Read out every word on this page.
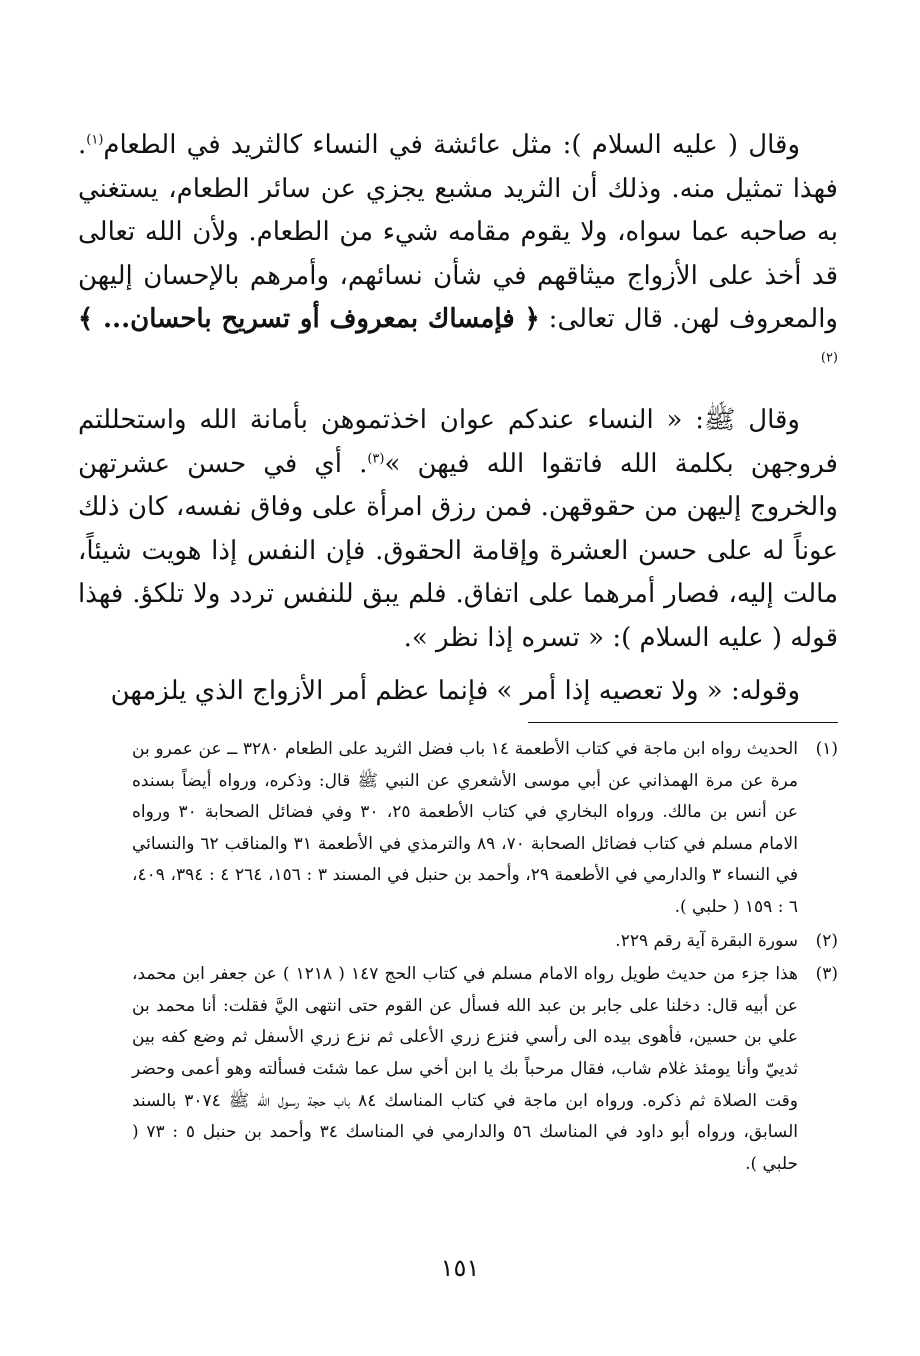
وقال ( عليه السلام ): مثل عائشة في النساء كالثريد في الطعام$^{(١)}$. فهذا تمثيل منه. وذلك أن الثريد مشبع يجزي عن سائر الطعام، يستغني به صاحبه عما سواه، ولا يقوم مقامه شيء من الطعام. ولأن الله تعالى قد أخذ على الأزواج ميثاقهم في شأن نسائهم، وأمرهم بالإحسان إليهن والمعروف لهن. قال تعالى: ﴿ فإمساك بمعروف أو تسريح باحسان... ﴾$^{(٢)}$

وقال ﷺ: « النساء عندكم عوان اخذتموهن بأمانة الله واستحللتم فروجهن بكلمة الله فاتقوا الله فيهن »$^{(٣)}$. أي في حسن عشرتهن والخروج إليهن من حقوقهن. فمن رزق امرأة على وفاق نفسه، كان ذلك عوناً له على حسن العشرة وإقامة الحقوق. فإن النفس إذا هويت شيئاً، مالت إليه، فصار أمرهما على اتفاق. فلم يبق للنفس تردد ولا تلكؤ. فهذا قوله ( عليه السلام ): « تسره إذا نظر ».

وقوله: « ولا تعصيه إذا أمر » فإنما عظم أمر الأزواج الذي يلزمهن

(١)
الحديث رواه ابن ماجة في كتاب الأطعمة ١٤ باب فضل الثريد على الطعام ٣٢٨٠ ــ عن عمرو بن مرة عن مرة الهمذاني عن أبي موسى الأشعري عن النبي ﷺ قال: وذكره، ورواه أيضاً بسنده عن أنس بن مالك. ورواه البخاري في كتاب الأطعمة ٢٥، ٣٠ وفي فضائل الصحابة ٣٠ ورواه الامام مسلم في كتاب فضائل الصحابة ٧٠، ٨٩ والترمذي في الأطعمة ٣١ والمناقب ٦٢ والنسائي في النساء ٣ والدارمي في الأطعمة ٢٩، وأحمد بن حنبل في المسند ٣ : ١٥٦، ٢٦٤ ٤ : ٣٩٤، ٤٠٩، ٦ : ١٥٩ ( حلبي ).
(٢)
سورة البقرة آية رقم ٢٢٩.
(٣)
هذا جزء من حديث طويل رواه الامام مسلم في كتاب الحج ١٤٧ ( ١٢١٨ ) عن جعفر ابن محمد، عن أبيه قال: دخلنا على جابر بن عبد الله فسأل عن القوم حتى انتهى اليَّ فقلت: أنا محمد بن علي بن حسين، فأهوى بيده الى رأسي فنزع زري الأعلى ثم نزع زري الأسفل ثم وضع كفه بين ثدييّ وأنا يومئذ غلام شاب، فقال مرحباً بك يا ابن أخي سل عما شئت فسألته وهو أعمى وحضر وقت الصلاة ثم ذكره. ورواه ابن ماجة في كتاب المناسك ٨٤ باب حجة رسول الله ﷺ ٣٠٧٤ بالسند السابق، ورواه أبو داود في المناسك ٥٦ والدارمي في المناسك ٣٤ وأحمد بن حنبل ٥ : ٧٣ ( حلبي ).
١٥١
